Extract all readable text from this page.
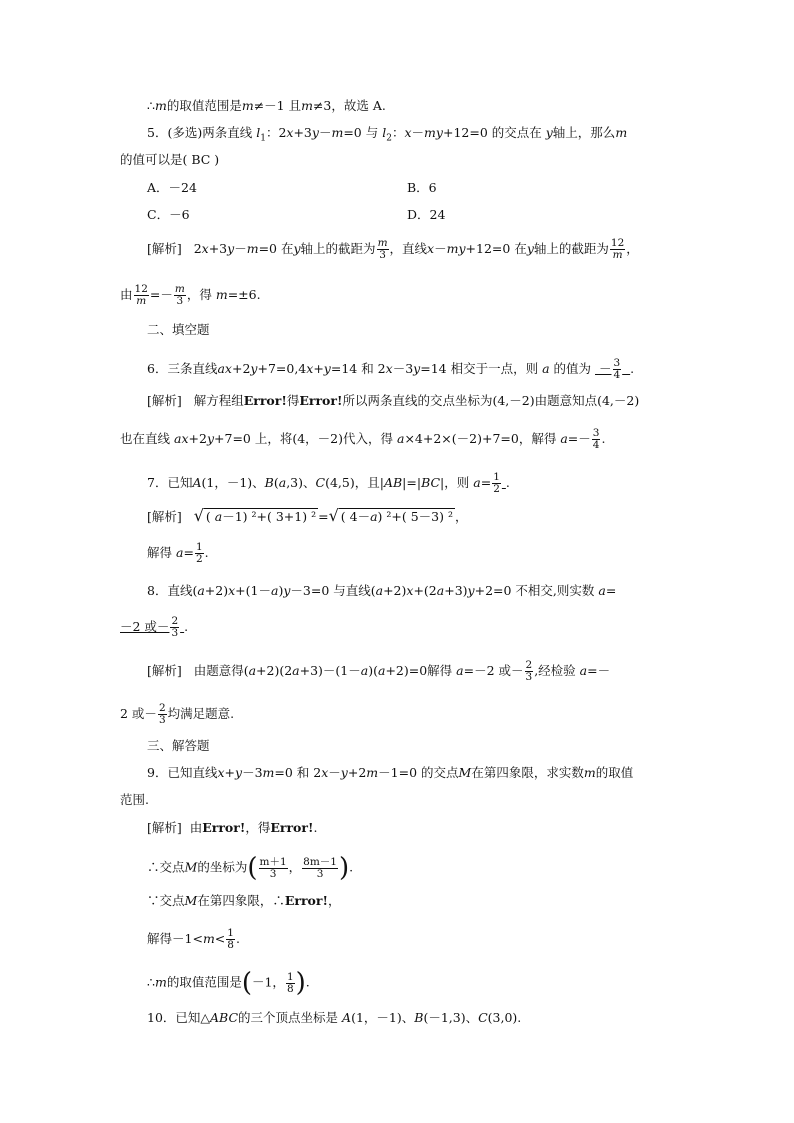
∴m的取值范围是m≠－1 且m≠3，故选 A.
5．(多选)两条直线 $l_1$：2x+3y－m=0 与 $l_2$：x－my+12=0 的交点在 y轴上，那么m
的值可以是( BC )
A．－24	B．6
C．－6	D．24
[解析] 2x+3y－m=0 在y轴上的截距为 $\frac{m}{3}$ ，直线x－my+12=0 在y轴上的截距为 $\frac{12}{m}$ ，
由 $\frac{12}{m} =- \frac{m}{3}$ ，得 m=±6.
二、填空题
6．三条直线ax+2y+7=0,4x+y=14 和 2x－3y=14 相交于一点，则 a 的值为 － $\frac{3}{4}$ .
[解析] 解方程组Error!得Error!所以两条直线的交点坐标为(4,－2)由题意知点(4,－2)
也在直线 ax+2y+7=0 上，将(4，－2)代入，得 a×4+2×(－2)+7=0，解得 $a=- \frac{3}{4}$ .
7．已知A(1，－1)、B(a,3)、C(4,5)，且|AB|=|BC|，则 $a= \frac{1}{2}$ .
[解析] √ ( a－1) ²+( 3+1) ² =√ ( 4－a) ²+( 5－3) ² ，
解得 $a= \frac{1}{2}$ .
8．直线(a+2)x+(1－a)y－3=0 与直线(a+2)x+(2a+3)y+2=0 不相交,则实数 a=
－2 或－ $\frac{2}{3}$ .
[解析] 由题意得(a+2)(2a+3)－(1－a)(a+2)=0解得 a=－2 或－ $\frac{2}{3}$ ,经检验 a=－
2 或－ $\frac{2}{3}$ 均满足题意.
三、解答题
9．已知直线x+y－3m=0 和 2x－y+2m－1=0 的交点M在第四象限，求实数m的取值
范围.
[解析] 由Error!，得Error!.
∴交点M的坐标为( $\frac{m+1}{3}$ ， $\frac{8m-1}{3}$ ).
∵交点M在第四象限，∴Error!，
解得$-1<m< \frac{1}{8}$ .
∴m的取值范围是(－1， $\frac{1}{8}$ ).
10．已知△ABC的三个顶点坐标是 A(1，－1)、B(－1,3)、C(3,0).
